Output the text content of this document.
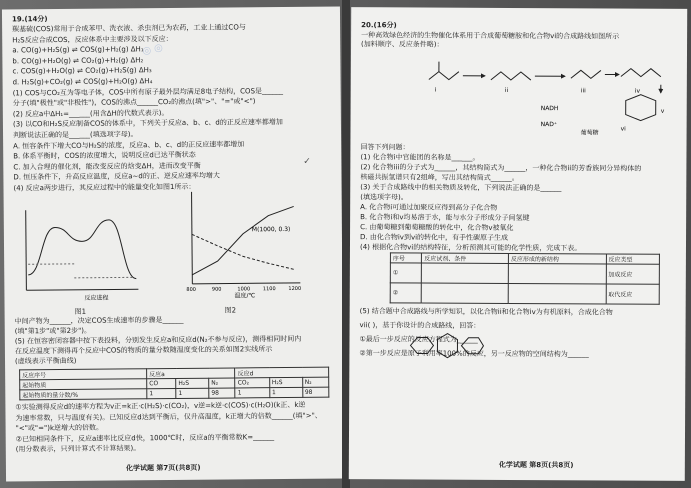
19.(14分)
羰基硫(COS)常用于合成苯甲、洗衣液、杀虫剂已为农药，工业上通过CO与
H₂S反应合成COS，反应体系中主要涉及以下反应：
a. CO(g)+H₂S(g) ⇌ COS(g)+H₂(g) ΔH₁
b. CO(g)+H₂O(g) ⇌ CO₂(g)+H₂(g) ΔH₂
c. COS(g)+H₂O(g) ⇌ CO₂(g)+H₂S(g) ΔH₃
d. H₂S(g)+CO₂(g) ⇌ COS(g)+H₂O(g) ΔH₄
(1) COS与CO₂互为等电子体，COS中所有原子最外层均满足8电子结构，COS是______
分子(填"极性"或"非极性")，COS的沸点______CO₂的沸点(填">"、"="或"<")
(2) 反应a中ΔH₁=______(用含ΔH的代数式表示)。
(3) 以CO和H₂S反应制备COS的体系中，下列关于反应a、b、c、d的正反应速率都增加
判断说法正确的是______(填选项字母)。
A. 恒容条件下增大CO与H₂S的浓度，反应a、b、c、d的正反应速率都增加
B. 体系平衡时，COS的浓度增大，说明反应d已达平衡状态
C. 加入合理的催化剂，能改变反应的焓变ΔH，进而改变平衡
D. 恒压条件下，升高反应温度，反应a~d的正、逆反应速率均增大
(4) 反应a两步进行，其反应过程中的能量变化如图1所示：
◎ ◎
✓
反应进程
图1
800	900	1000	1100	1200
M(1000, 0.3)
温度/℃
图2
中间产物为______，决定COS生成速率的步骤是______
(填"第1步"或"第2步")。
(5) 在恒容密闭容器中按下表投料，分别发生反应a和反应d(N₂不参与反应)，测得相同时间内
在反应温度下测得再个反应中COS的物质的量分数随温度变化的关系如图2实线所示
(虚线表示平衡曲线)
反应序号	反应a			反应d		
起始物质	CO	H₂S	N₂	CO₂	H₂S	N₂
起始物质的量分数/%	1	1	98	1	1	98
①实验测得反应d的速率方程为v正=k正·c(H₂S)·c(CO₂)，v逆=k逆·c(COS)·c(H₂O)(k正、k逆
为速率常数，只与温度有关)。已知反应d达到平衡后，仅升高温度，k正增大的倍数______(填">"、
"<"或"=")k逆增大的倍数。
②已知相同条件下，反应a速率比反应d快，1000℃时，反应a的平衡常数K=______
(用分数表示，只列计算式不计算结果)。
化学试题 第7页(共8页)
20.(16分)
一种高效绿色经济的生物催化体系用于合成葡萄糖胺和化合物vi的合成路线如图所示
(加料顺序、反应条件略)：
i	ii	iii	iv
v
vi
NADH
NAD⁺
葡萄糖
回答下列问题：
(1) 化合物i中官能团的名称是______。
(2) 化合物iii的分子式为______，其结构简式为______，一种化合物ii的芳香族同分异构体的
核磁共振氢谱只有2组峰，写出其结构简式______。
(3) 关于合成路线中的相关物质及转化，下列说法正确的是______
(填选项字母)。
A. 化合物i可通过加聚反应得到高分子化合物
B. 化合物i和v均易溶于水，能与水分子形成分子间氢键
C. 由葡萄糖到葡萄糖酸的转化中，化合物v被氧化
D. 由化合物iv到vi的转化中，有手性碳原子生成
(4) 根据化合物vi的结构特征，分析预测其可能的化学性质，完成下表。
序号	反应试剂、条件	反应形成的新结构	反应类型
①			加成反应
②			取代反应
(5) 结合题中合成路线与所学知识，以化合物ii和化合物iv为有机原料，合成化合物
vii( )，基于你设计的合成路线，回答：
①最后一步反应的反应方程式为______
②第一步反应是原子利用率100%的反应，另一反应物的空间结构为______
化学试题 第8页(共8页)
